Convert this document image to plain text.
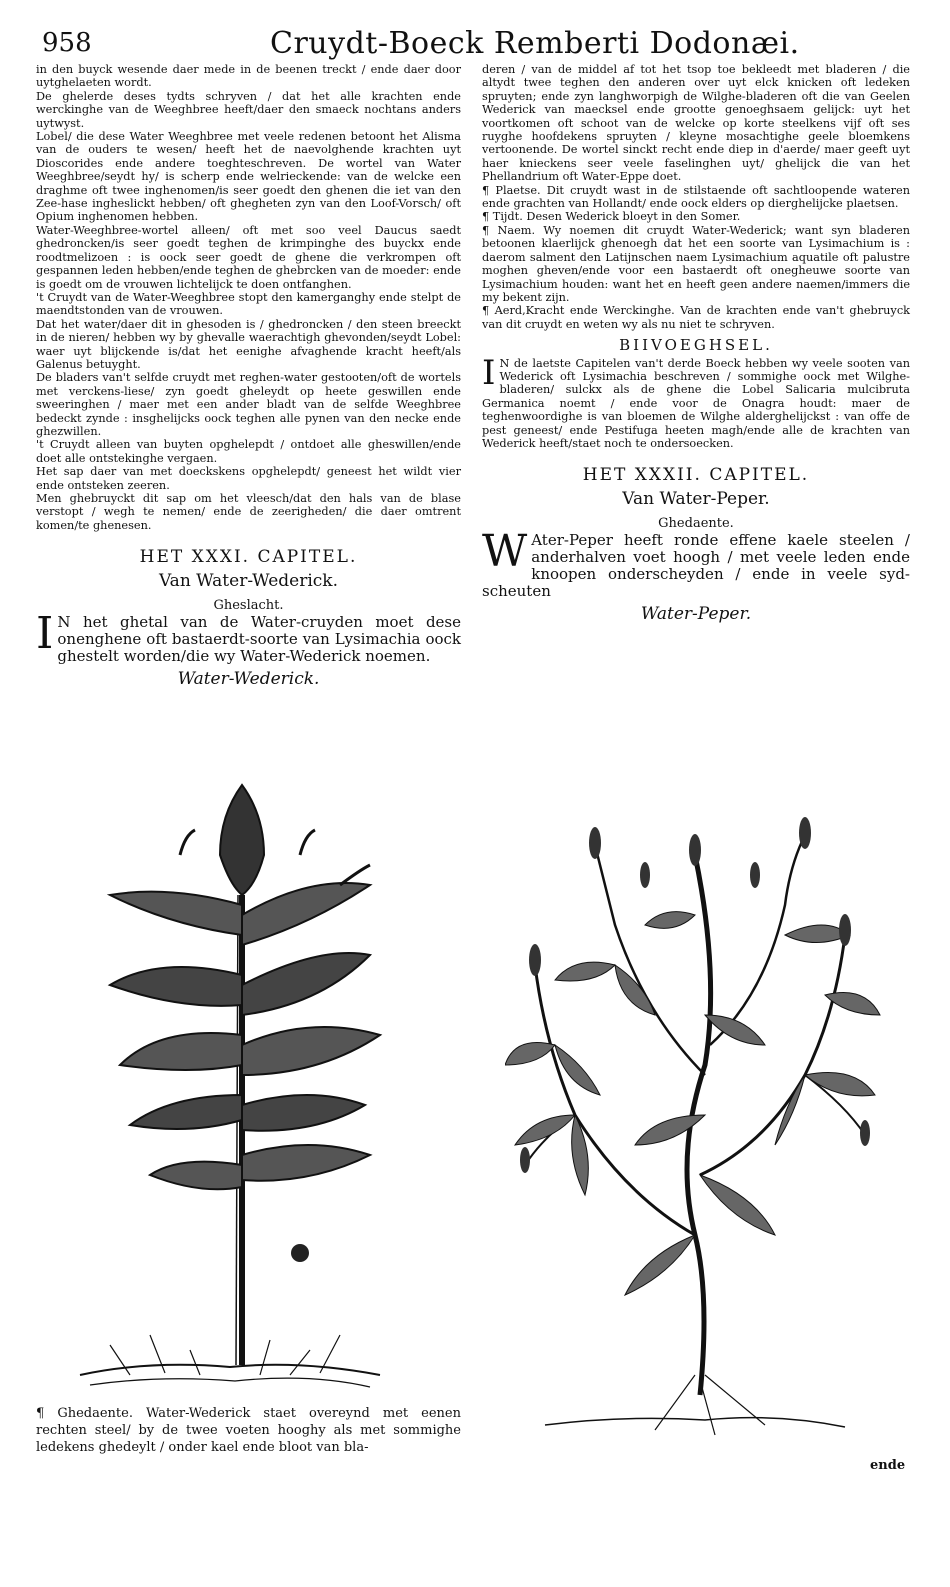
958	Cruydt-Boeck Remberti Dodonæi.

in den buyck wesende daer mede in de beenen treckt / ende daer door uytghelaeten wordt.

De ghelerde deses tydts schryven / dat het alle krachten ende werckinghe van de Weeghbree heeft/daer den smaeck nochtans anders uytwyst.

Lobel/ die dese Water Weeghbree met veele redenen betoont het Alisma van de ouders te wesen/ heeft het de naevolghende krachten uyt Dioscorides ende andere toeghteschreven. De wortel van Water Weeghbree/seydt hy/ is scherp ende welrieckende: van de welcke een draghme oft twee inghenomen/is seer goedt den ghenen die iet van den Zee-hase ingheslickt hebben/ oft ghegheten zyn van den Loof-Vorsch/ oft Opium inghenomen hebben.

Water-Weeghbree-wortel alleen/ oft met soo veel Daucus saedt ghedroncken/is seer goedt teghen de krimpinghe des buyckx ende roodtmelizoen : is oock seer goedt de ghene die verkrompen oft gespannen leden hebben/ende teghen de gheb​rcken van de moeder: ende is goedt om de vrouwen lichtelijck te doen ontfanghen.

't Cruydt van de Water-Weeghbree stopt den kamerganghy ende stelpt de maendtstonden van de vrouwen.

Dat het water/daer dit in ghesoden is / ghedroncken / den steen breeckt in de nieren/ hebben wy by ghevalle waerachtigh ghevonden/seydt Lobel: waer uyt blijckende is/dat het eenighe afvaghende kracht heeft/als Galenus betuyght.

De bladers van't selfde cruydt met reghen-water gestooten/oft de wortels met verckens-liese/ zyn goedt gheleydt op heete geswillen ende sweeringhen / maer met een ander bladt van de selfde Weeghbree bedeckt zynde : insghelijcks oock teghen alle pynen van den necke ende ghezwillen.

't Cruydt alleen van buyten opghelepdt / ontdoet alle gheswillen/ende doet alle ontstekinghe vergaen.

Het sap daer van met doeckskens opghelepdt/ geneest het wildt vier ende ontsteken zeeren.

Men ghebruyckt dit sap om het vleesch/dat den hals van de blase verstopt / wegh te nemen/ ende de zeerigheden/ die daer omtrent komen/te ghenesen.

HET XXXI. CAPITEL.
Van Water-Wederick.
Gheslacht.

I N het ghetal van de Water-cruyden moet dese onenghene oft bastaerdt-soorte van Lysimachia oock ghestelt worden/die wy Water-Wederick noemen.

Water-Wederick.
¶ Ghedaente. Water-Wederick staet overeynd met eenen rechten steel/ by de twee voeten hooghy als met sommighe ledekens ghedeylt / onder kael ende bloot van bla-

deren / van de middel af tot het tsop toe bekleedt met bladeren / die altydt twee teghen den anderen over uyt elck knicken oft ledeken spruyten; ende zyn langhworpigh de Wilghe-bladeren oft die van Geelen Wederick van maecksel ende grootte genoeghsaem gelijck: uyt het voortkomen oft schoot van de welcke op korte steelkens vijf oft ses ruyghe hoofdekens spruyten / kleyne mosachtighe geele bloemkens vertoonende. De wortel sinckt recht ende diep in d'aerde/ maer geeft uyt haer knieckens seer veele faselinghen uyt/ ghelijck die van het Phellandrium oft Water-Eppe doet.

¶ Plaetse. Dit cruydt wast in de stilstaende oft sachtloopende wateren ende grachten van Hollandt/ ende oock elders op dierghelijcke plaetsen.

¶ Tijdt. Desen Wederick bloeyt in den Somer.

¶ Naem. Wy noemen dit cruydt Water-Wederick; want syn bladeren betoonen klaerlijck ghenoegh dat het een soorte van Lysimachium is : daerom salment den Latijnschen naem Lysimachium aquatile oft palustre moghen gheven/ende voor een bastaerdt oft onegheuwe soorte van Lysimachium houden: want het en heeft geen andere naemen/immers die my bekent zijn.

¶ Aerd,Kracht ende Werckinghe. Van de krachten ende van't ghebruyck van dit cruydt en weten wy als nu niet te schryven.

BIIVOEGHSEL.

I N de laetste Capitelen van't derde Boeck hebben wy veele sooten van Wederick oft Lysimachia beschreven / sommighe oock met Wilghe-bladeren/ sulckx als de ghene die Lobel Salicaria mulcibruta Germanica noemt / ende voor de Onagra houdt: maer de teghenwoordighe is van bloemen de Wilghe alderghelijckst : van offe de pest geneest/ ende Pestifuga heeten magh/ende alle de krachten van Wederick heeft/staet noch te ondersoecken.

HET XXXII. CAPITEL.
Van Water-Peper.
Ghedaente.

W Ater-Peper heeft ronde effene kaele steelen / anderhalven voet hoogh / met veele leden ende knoopen onderscheyden / ende in veele syd-scheuten

Water-Peper.
ende
